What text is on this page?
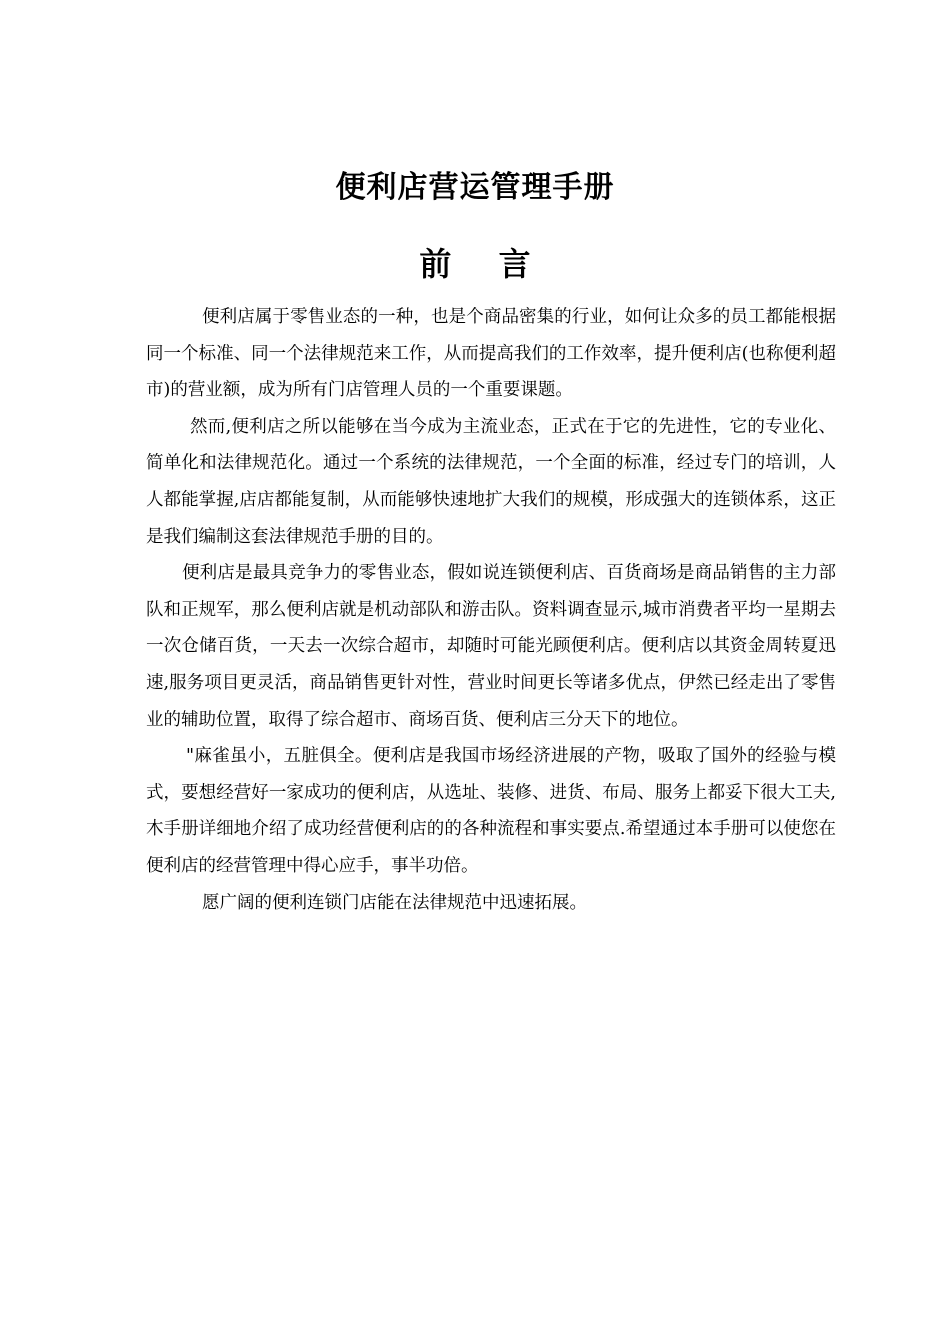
便利店营运管理手册
前 言

便利店属于零售业态的一种，也是个商品密集的行业，如何让众多的员工都能根据同一个标准、同一个法律规范来工作，从而提高我们的工作效率，提升便利店(也称便利超市)的营业额，成为所有门店管理人员的一个重要课题。

然而,便利店之所以能够在当今成为主流业态，正式在于它的先进性，它的专业化、简单化和法律规范化。通过一个系统的法律规范，一个全面的标准，经过专门的培训，人人都能掌握,店店都能复制，从而能够快速地扩大我们的规模，形成强大的连锁体系，这正是我们编制这套法律规范手册的目的。

便利店是最具竞争力的零售业态，假如说连锁便利店、百货商场是商品销售的主力部队和正规军，那么便利店就是机动部队和游击队。资料调查显示,城市消费者平均一星期去一次仓储百货，一天去一次综合超市，却随时可能光顾便利店。便利店以其资金周转夏迅速,服务项目更灵活，商品销售更针对性，营业时间更长等诸多优点，伊然已经走出了零售业的辅助位置，取得了综合超市、商场百货、便利店三分天下的地位。

"麻雀虽小，五脏俱全。便利店是我国市场经济进展的产物，吸取了国外的经验与模式，要想经营好一家成功的便利店，从选址、装修、进货、布局、服务上都妥下很大工夫,木手册详细地介绍了成功经营便利店的的各种流程和事实要点.希望通过本手册可以使您在便利店的经营管理中得心应手，事半功倍。

愿广阔的便利连锁门店能在法律规范中迅速拓展。
